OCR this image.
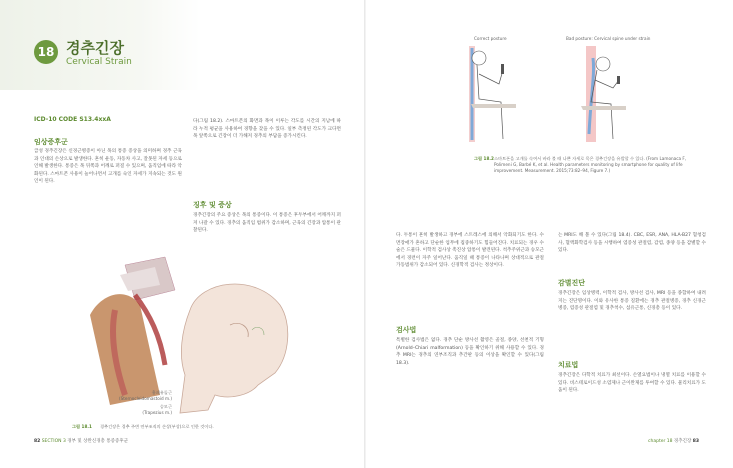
18 경추긴장
Cervical Strain
ICD-10 CODE S13.4xxA
임상증후군
급성 경추긴장은 신경근병증이 아닌 목의 통증 증상을 의미하며 경추 근육과 인대의 손상으로 발생한다. 흔히 운동, 자동차 사고, 잘못된 자세 등으로 인해 발생한다. 통증은 목 뒤쪽과 어깨로 퍼질 수 있으며, 움직임에 따라 악화된다. 스마트폰 사용이 늘어나면서 고개를 숙인 자세가 지속되는 것도 원인이 된다.
다(그림 18.2). 스마트폰의 화면과 목이 이루는 각도를 시간의 지남에 따라 누적 평균을 사용하여 경향을 찾을 수 있다. 일부 측정된 각도가 크다면 목 앞쪽으로 긴장이 더 가해져 경추의 부담을 증가시킨다.
징후 및 증상
경추긴장의 주요 증상은 목의 통증이다. 이 통증은 후두부에서 어깨까지 퍼져 나갈 수 있다. 경추의 움직임 범위가 감소하며, 근육의 긴장과 압통이 관찰된다.
흉쇄유돌근
(Sternocleidomastoid m.)
승모근
(Trapezius m.)
그림 18.1 경추긴장은 경추 주변 연부조직의 손상(부상)으로 인한 것이다.
82 SECTION 3 경부 및 상완신경총 통증증후군
Correct posture	Bad posture: Cervical spine under strain
그림 18.2 스마트폰을 고개를 숙여서 바라 볼 때 나쁜 자세로 목은 경추긴장을 유발할 수 있다. (From Lamonaca F, Polimeni G, Barbé K, et al. Health parameters monitoring by smartphone for quality of life improvement. Measurement. 2015;73:82–94, Figure 7.)
다. 두통이 흔히 발생하고 경부에 스트레스에 의해서 악화되기도 한다. 수면장애가 흔하고 단순한 업무에 집중하기도 힘들어진다. 치료되는 경우 수술은 드물다. 이학적 검사상 촉진상 압통이 발견된다. 척추주위근과 승모근에서 경련이 자주 일어난다. 움직일 때 통증이 나타나며 상대적으로 관절 가동범위가 감소되어 있다. 신경학적 검사는 정상이다.
검사법
특별한 검사법은 없다. 경추 단순 방사선 촬영은 골절, 종양, 선천적 기형(Arnold–Chiari malformation) 등을 확인하기 위해 사용할 수 있다. 경추 MRI는 경추의 연부조직과 추간판 등의 이상을 확인할 수 있다(그림 18.3).
는 MRI도 해 볼 수 있다(그림 18.4). CBC, ESR, ANA, HLA-B27 혈청검사, 혈액화학검사 등을 시행하여 염증성 관절염, 감염, 종양 등을 감별할 수 있다.
감별진단
경추긴장은 임상병력, 이학적 검사, 방사선 검사, MRI 등을 종합하여 내려지는 진단명이다. 이와 유사한 통증 질환에는 경추 관절병증, 경추 신경근병증, 염증성 관절염 및 경추척수, 섬유근통, 신경총 등이 있다.
치료법
경추긴장은 다학적 치료가 최선이다. 손열요법이나 냉열 치료를 이용할 수 있다. 비스테로이드성 소염제나 근이완제를 투여할 수 있다. 물리치료가 도움이 된다.
chapter 18 경추긴장 83
